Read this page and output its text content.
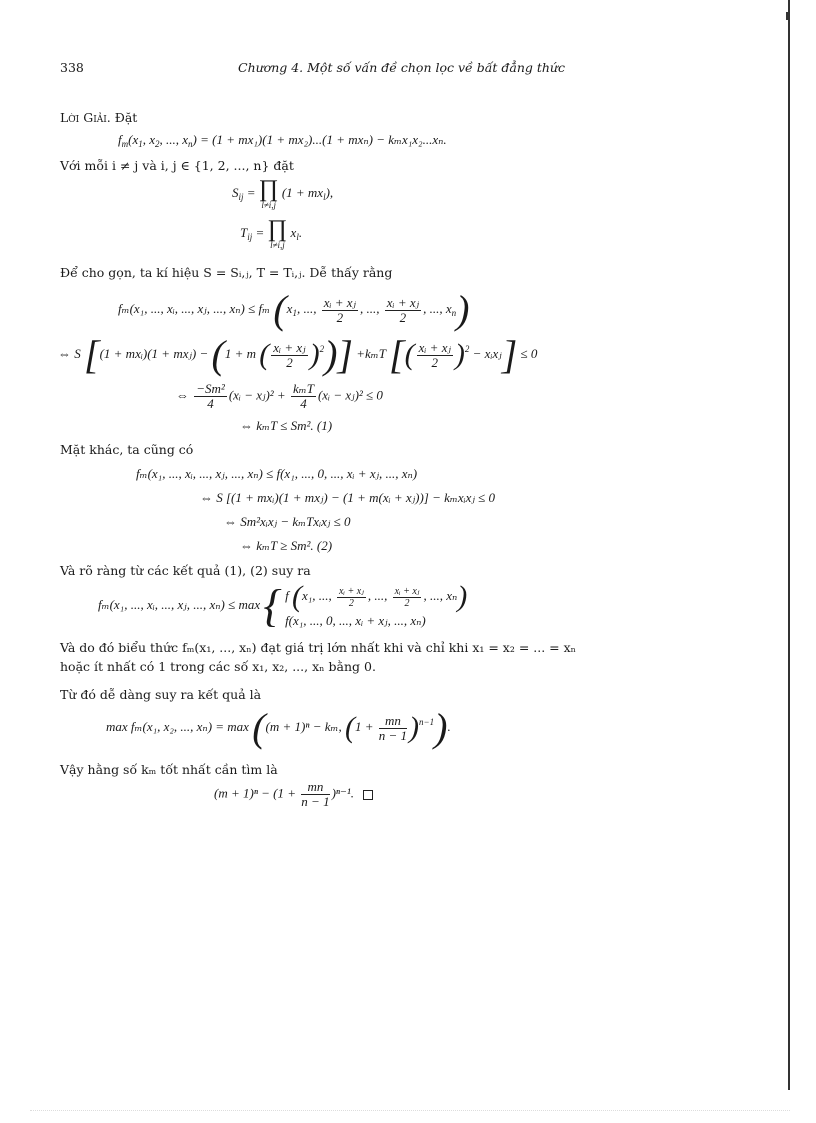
338	Chương 4. Một số vấn đề chọn lọc về bất đẳng thức
Lời Giải. Đặt
$f_m(x_1$, $x_2$, ..., $x_n) = (1 + mx_1)(1 + mx_2)...(1 + mx_n) - k_mx_1x_2...x_n$.
Với mỗi i ≠ j và i, j ∈ {1, 2, ..., n} đặt
$S_{ij}$ = ∏
l≠i,j
$(1 + mx_l)$,
$T_{ij}$ = ∏
l≠i,j
$x_l$.
Để cho gọn, ta kí hiệu S = Sᵢ,ⱼ, T = Tᵢ,ⱼ. Dễ thấy rằng
fₘ(x₁, ..., xᵢ, ..., xⱼ, ..., xₙ) ≤ fₘ ($x_1$, ..., $\frac{\text{xᵢ + xⱼ}}{2}$ , ..., $\frac{\text{xᵢ + xⱼ}}{2}$ , ..., $x_n$)
⇔ S [(1 + mxᵢ)(1 + mxⱼ) − (1 + m ( $\frac{\text{xᵢ + xⱼ}}{2} )^2)] +k_mT$ [( $\frac{\text{xᵢ + xⱼ}}{2} )^2$ − xᵢxⱼ] ≤ 0
⇔ $\frac{\text{−Sm²}}{4}$ (xᵢ − xⱼ)² + $\frac{\text{kₘT}}{4}$ (xᵢ − xⱼ)² ≤ 0
⇔ kₘT ≤ Sm². (1)
Mặt khác, ta cũng có
fₘ(x₁, ..., xᵢ, ..., xⱼ, ..., xₙ) ≤ f(x₁, ..., 0, ..., xᵢ + xⱼ, ..., xₙ)
⇔ S [(1 + mxᵢ)(1 + mxⱼ) − (1 + m(xᵢ + xⱼ))] − kₘxᵢxⱼ ≤ 0
⇔ Sm²xᵢxⱼ − kₘTxᵢxⱼ ≤ 0
⇔ kₘT ≥ Sm². (2)
Và rõ ràng từ các kết quả (1), (2) suy ra
fₘ(x₁, ..., xᵢ, ..., xⱼ, ..., xₙ) ≤ max { f (x₁, ..., $\frac{\text{xᵢ + xⱼ}}{2}$ , ..., $\frac{\text{xᵢ + xⱼ}}{2}$ , ..., xₙ)
f(x₁, ..., 0, ..., xᵢ + xⱼ, ..., xₙ)
Và do đó biểu thức fₘ(x₁, ..., xₙ) đạt giá trị lớn nhất khi và chỉ khi x₁ = x₂ = ... = xₙ
hoặc ít nhất có 1 trong các số x₁, x₂, ..., xₙ bằng 0.
Từ đó dễ dàng suy ra kết quả là
max fₘ(x₁, x₂, ..., xₙ) = max ((m + 1)ⁿ − kₘ, $(1 + \frac{mn}{n - 1} )^{n-1}$).
Vậy hằng số kₘ tốt nhất cần tìm là
$(m + 1)^n - (1 + \frac{mn}{n - 1} )^{n-1}$.
